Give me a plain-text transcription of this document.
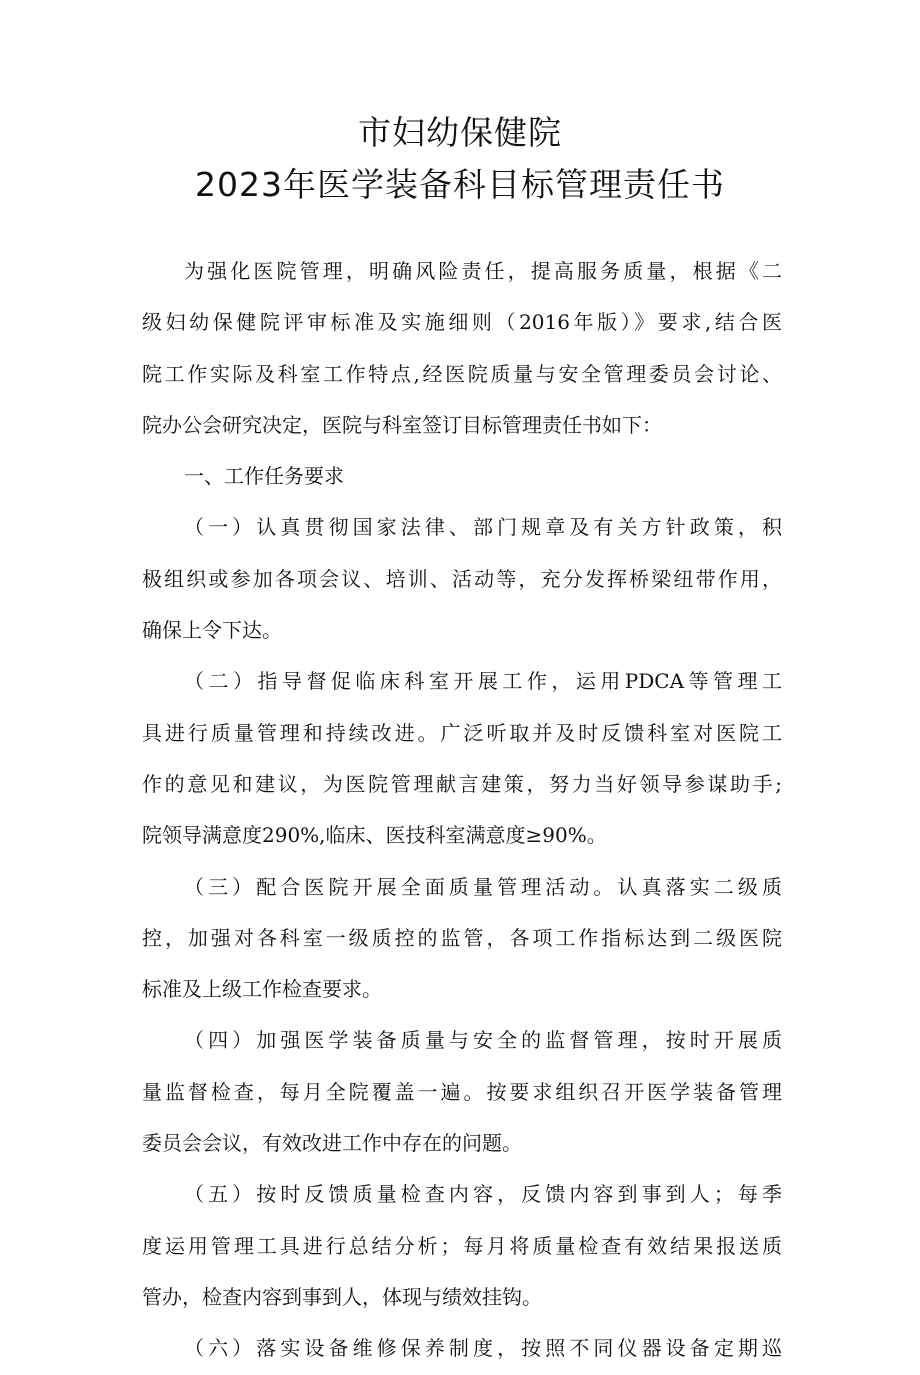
市妇幼保健院
2023年医学装备科目标管理责任书
为强化医院管理，明确风险责任，提高服务质量，根据《二
级妇幼保健院评审标准及实施细则（2016年版）》要求,结合医
院工作实际及科室工作特点,经医院质量与安全管理委员会讨论、
院办公会研究决定，医院与科室签订目标管理责任书如下：
一、工作任务要求
（一）认真贯彻国家法律、部门规章及有关方针政策，积
极组织或参加各项会议、培训、活动等，充分发挥桥梁纽带作用，
确保上令下达。
（二）指导督促临床科室开展工作，运用PDCA等管理工
具进行质量管理和持续改进。广泛听取并及时反馈科室对医院工
作的意见和建议，为医院管理献言建策，努力当好领导参谋助手;
院领导满意度290%,临床、医技科室满意度≥90%。
（三）配合医院开展全面质量管理活动。认真落实二级质
控，加强对各科室一级质控的监管，各项工作指标达到二级医院
标准及上级工作检查要求。
（四）加强医学装备质量与安全的监督管理，按时开展质
量监督检查，每月全院覆盖一遍。按要求组织召开医学装备管理
委员会会议，有效改进工作中存在的问题。
（五）按时反馈质量检查内容，反馈内容到事到人；每季
度运用管理工具进行总结分析；每月将质量检查有效结果报送质
管办，检查内容到事到人，体现与绩效挂钩。
（六）落实设备维修保养制度，按照不同仪器设备定期巡
